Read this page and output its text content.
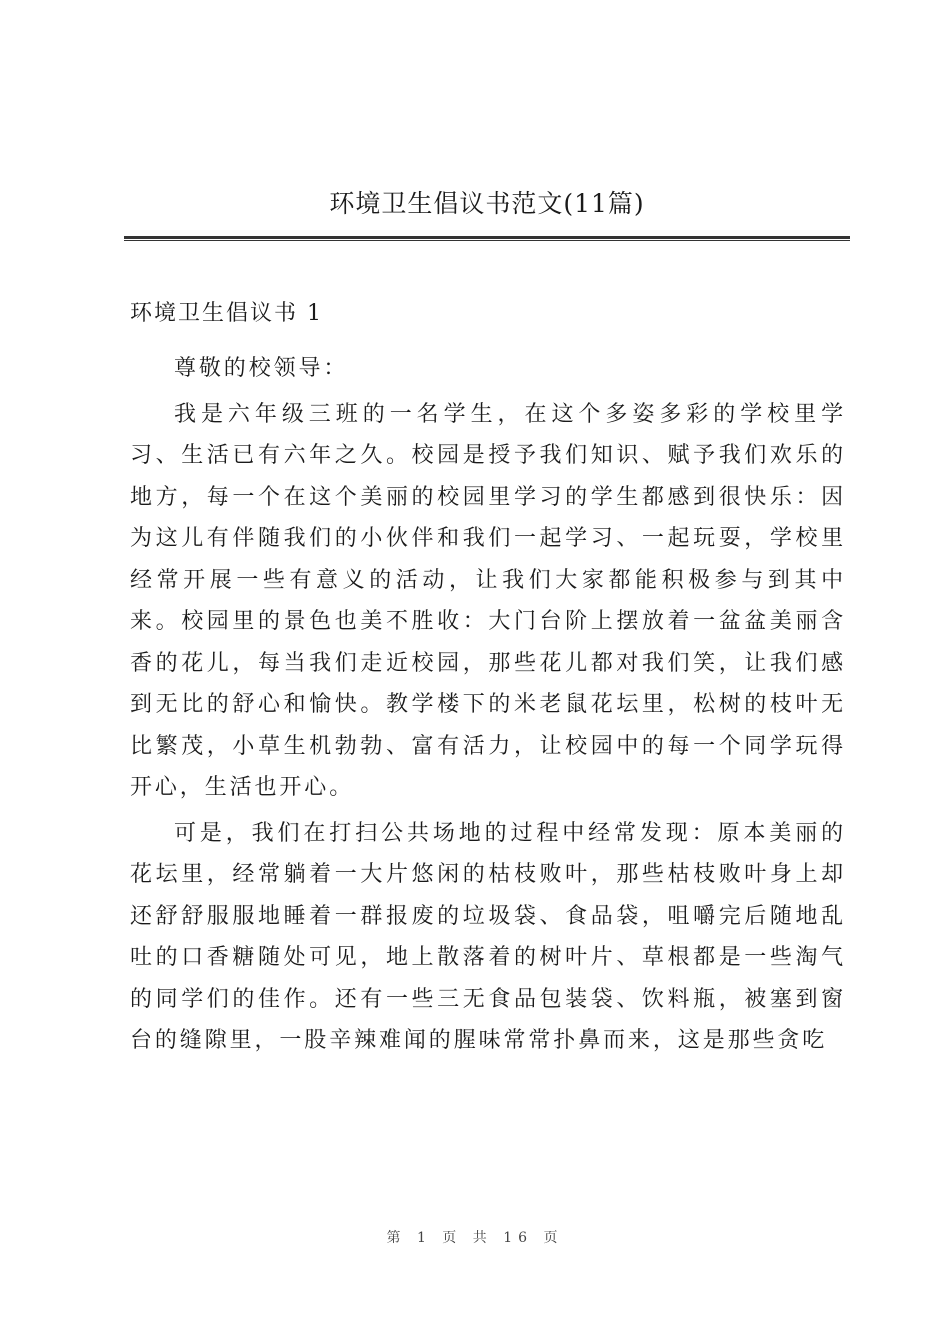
环境卫生倡议书范文(11篇)
环境卫生倡议书 1

尊敬的校领导：

我是六年级三班的一名学生，在这个多姿多彩的学校里学习、生活已有六年之久。校园是授予我们知识、赋予我们欢乐的地方，每一个在这个美丽的校园里学习的学生都感到很快乐：因为这儿有伴随我们的小伙伴和我们一起学习、一起玩耍，学校里经常开展一些有意义的活动，让我们大家都能积极参与到其中来。校园里的景色也美不胜收：大门台阶上摆放着一盆盆美丽含香的花儿，每当我们走近校园，那些花儿都对我们笑，让我们感到无比的舒心和愉快。教学楼下的米老鼠花坛里，松树的枝叶无比繁茂，小草生机勃勃、富有活力，让校园中的每一个同学玩得开心，生活也开心。

可是，我们在打扫公共场地的过程中经常发现：原本美丽的花坛里，经常躺着一大片悠闲的枯枝败叶，那些枯枝败叶身上却还舒舒服服地睡着一群报废的垃圾袋、食品袋，咀嚼完后随地乱吐的口香糖随处可见，地上散落着的树叶片、草根都是一些淘气的同学们的佳作。还有一些三无食品包装袋、饮料瓶，被塞到窗台的缝隙里，一股辛辣难闻的腥味常常扑鼻而来，这是那些贪吃

第 1 页 共 16 页
